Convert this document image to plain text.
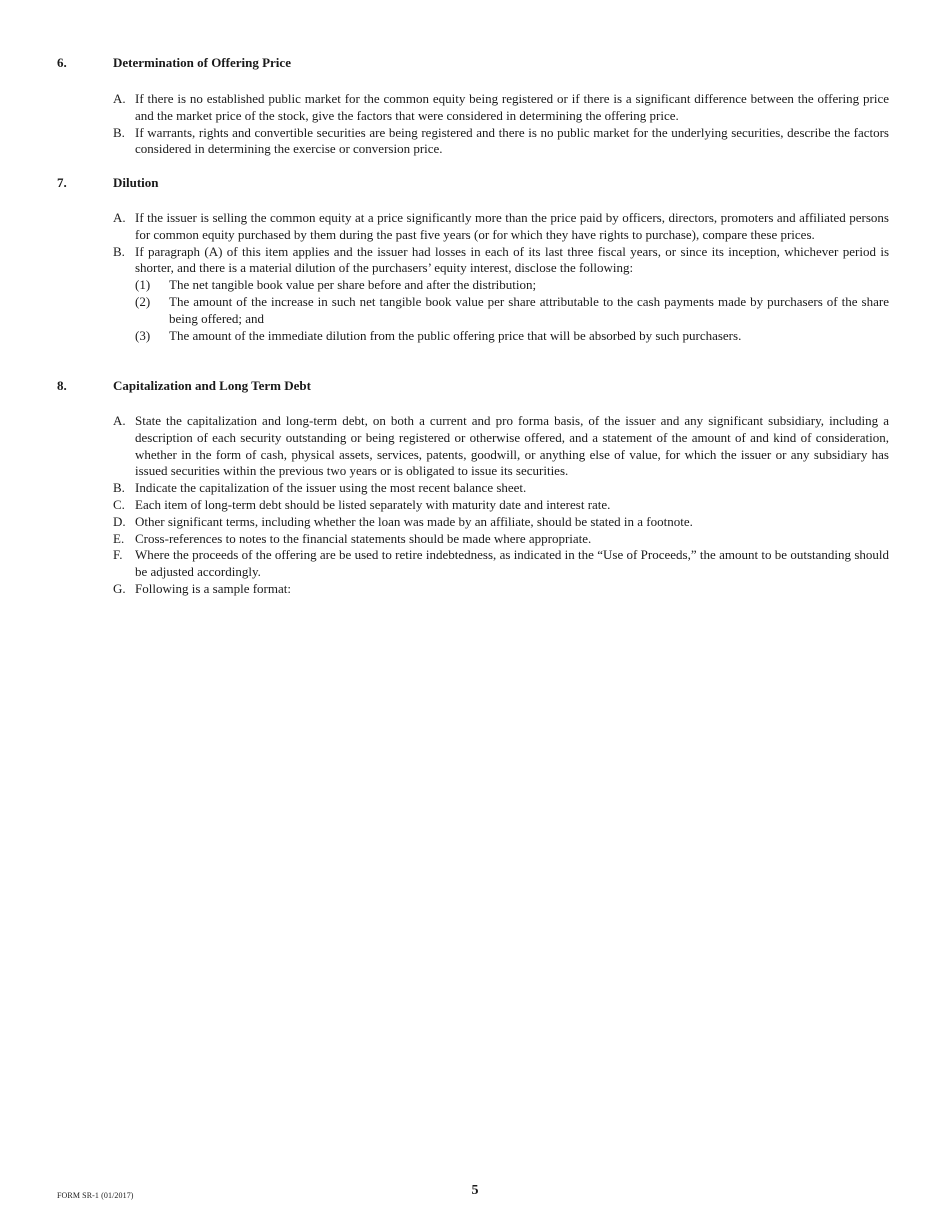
6.	Determination of Offering Price
A. If there is no established public market for the common equity being registered or if there is a significant difference between the offering price and the market price of the stock, give the factors that were considered in determining the offering price.
B. If warrants, rights and convertible securities are being registered and there is no public market for the underlying securities, describe the factors considered in determining the exercise or conversion price.
7.	Dilution
A. If the issuer is selling the common equity at a price significantly more than the price paid by officers, directors, promoters and affiliated persons for common equity purchased by them during the past five years (or for which they have rights to purchase), compare these prices.
B. If paragraph (A) of this item applies and the issuer had losses in each of its last three fiscal years, or since its inception, whichever period is shorter, and there is a material dilution of the purchasers’ equity interest, disclose the following:
(1) The net tangible book value per share before and after the distribution;
(2) The amount of the increase in such net tangible book value per share attributable to the cash payments made by purchasers of the share being offered; and
(3) The amount of the immediate dilution from the public offering price that will be absorbed by such purchasers.
8.	Capitalization and Long Term Debt
A. State the capitalization and long-term debt, on both a current and pro forma basis, of the issuer and any significant subsidiary, including a description of each security outstanding or being registered or otherwise offered, and a statement of the amount of and kind of consideration, whether in the form of cash, physical assets, services, patents, goodwill, or anything else of value, for which the issuer or any subsidiary has issued securities within the previous two years or is obligated to issue its securities.
B. Indicate the capitalization of the issuer using the most recent balance sheet.
C. Each item of long-term debt should be listed separately with maturity date and interest rate.
D. Other significant terms, including whether the loan was made by an affiliate, should be stated in a footnote.
E. Cross-references to notes to the financial statements should be made where appropriate.
F. Where the proceeds of the offering are be used to retire indebtedness, as indicated in the “Use of Proceeds,” the amount to be outstanding should be adjusted accordingly.
G. Following is a sample format:
FORM SR-1 (01/2017)	5
